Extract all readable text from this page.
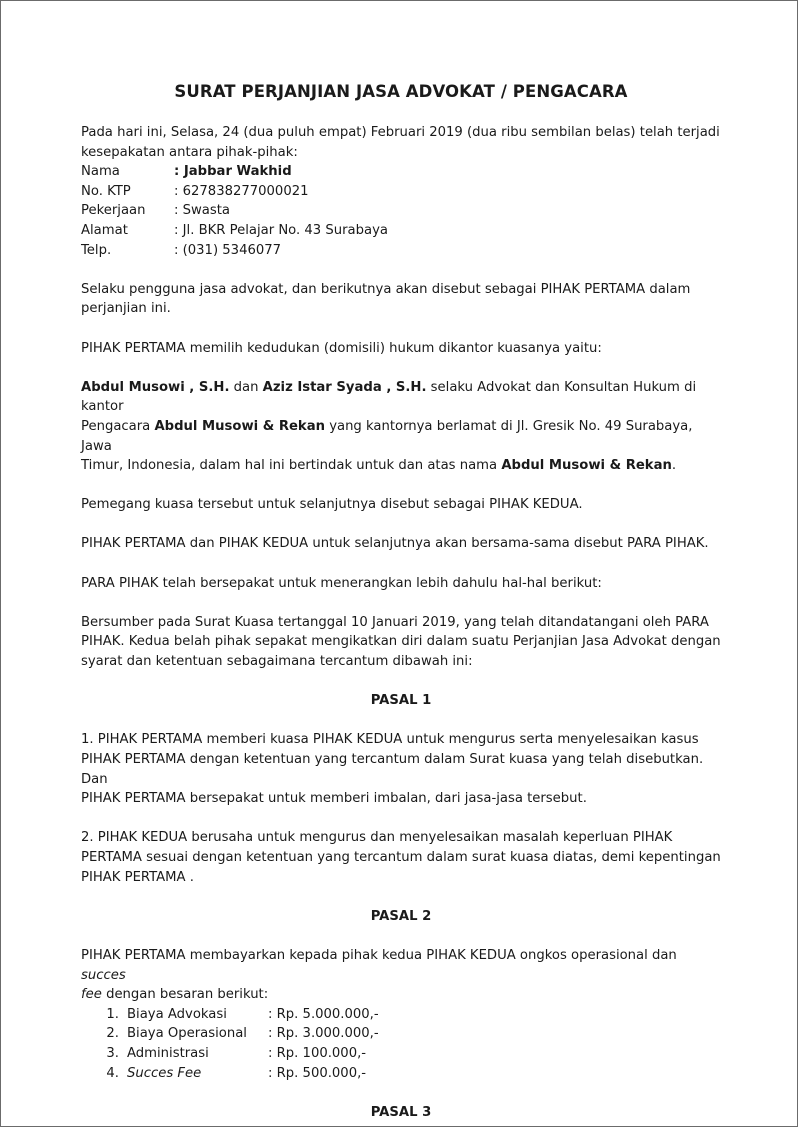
SURAT PERJANJIAN JASA ADVOKAT / PENGACARA

Pada hari ini, Selasa, 24 (dua puluh empat) Februari 2019 (dua ribu sembilan belas) telah terjadi
kesepakatan antara pihak-pihak:

Nama	: Jabbar Wakhid
No. KTP	: 627838277000021
Pekerjaan	: Swasta
Alamat	: Jl. BKR Pelajar No. 43 Surabaya
Telp.	: (031) 5346077

Selaku pengguna jasa advokat, dan berikutnya akan disebut sebagai PIHAK PERTAMA dalam
perjanjian ini.

PIHAK PERTAMA memilih kedudukan (domisili) hukum dikantor kuasanya yaitu:

Abdul Musowi , S.H. dan Aziz Istar Syada , S.H. selaku Advokat dan Konsultan Hukum di kantor
Pengacara Abdul Musowi & Rekan yang kantornya berlamat di Jl. Gresik No. 49 Surabaya, Jawa
Timur, Indonesia, dalam hal ini bertindak untuk dan atas nama Abdul Musowi & Rekan.

Pemegang kuasa tersebut untuk selanjutnya disebut sebagai PIHAK KEDUA.

PIHAK PERTAMA dan PIHAK KEDUA untuk selanjutnya akan bersama-sama disebut PARA PIHAK.

PARA PIHAK telah bersepakat untuk menerangkan lebih dahulu hal-hal berikut:

Bersumber pada Surat Kuasa tertanggal 10 Januari 2019, yang telah ditandatangani oleh PARA
PIHAK. Kedua belah pihak sepakat mengikatkan diri dalam suatu Perjanjian Jasa Advokat dengan
syarat dan ketentuan sebagaimana tercantum dibawah ini:

PASAL 1

1. PIHAK PERTAMA memberi kuasa PIHAK KEDUA untuk mengurus serta menyelesaikan kasus
PIHAK PERTAMA dengan ketentuan yang tercantum dalam Surat kuasa yang telah disebutkan. Dan
PIHAK PERTAMA bersepakat untuk memberi imbalan, dari jasa-jasa tersebut.

2. PIHAK KEDUA berusaha untuk mengurus dan menyelesaikan masalah keperluan PIHAK
PERTAMA sesuai dengan ketentuan yang tercantum dalam surat kuasa diatas, demi kepentingan
PIHAK PERTAMA .

PASAL 2

PIHAK PERTAMA membayarkan kepada pihak kedua PIHAK KEDUA ongkos operasional dan succes
fee dengan besaran berikut:

1. Biaya Advokasi	: Rp. 5.000.000,-
2. Biaya Operasional	: Rp. 3.000.000,-
3. Administrasi	: Rp. 100.000,-
4. Succes Fee	: Rp. 500.000,-

PASAL 3
